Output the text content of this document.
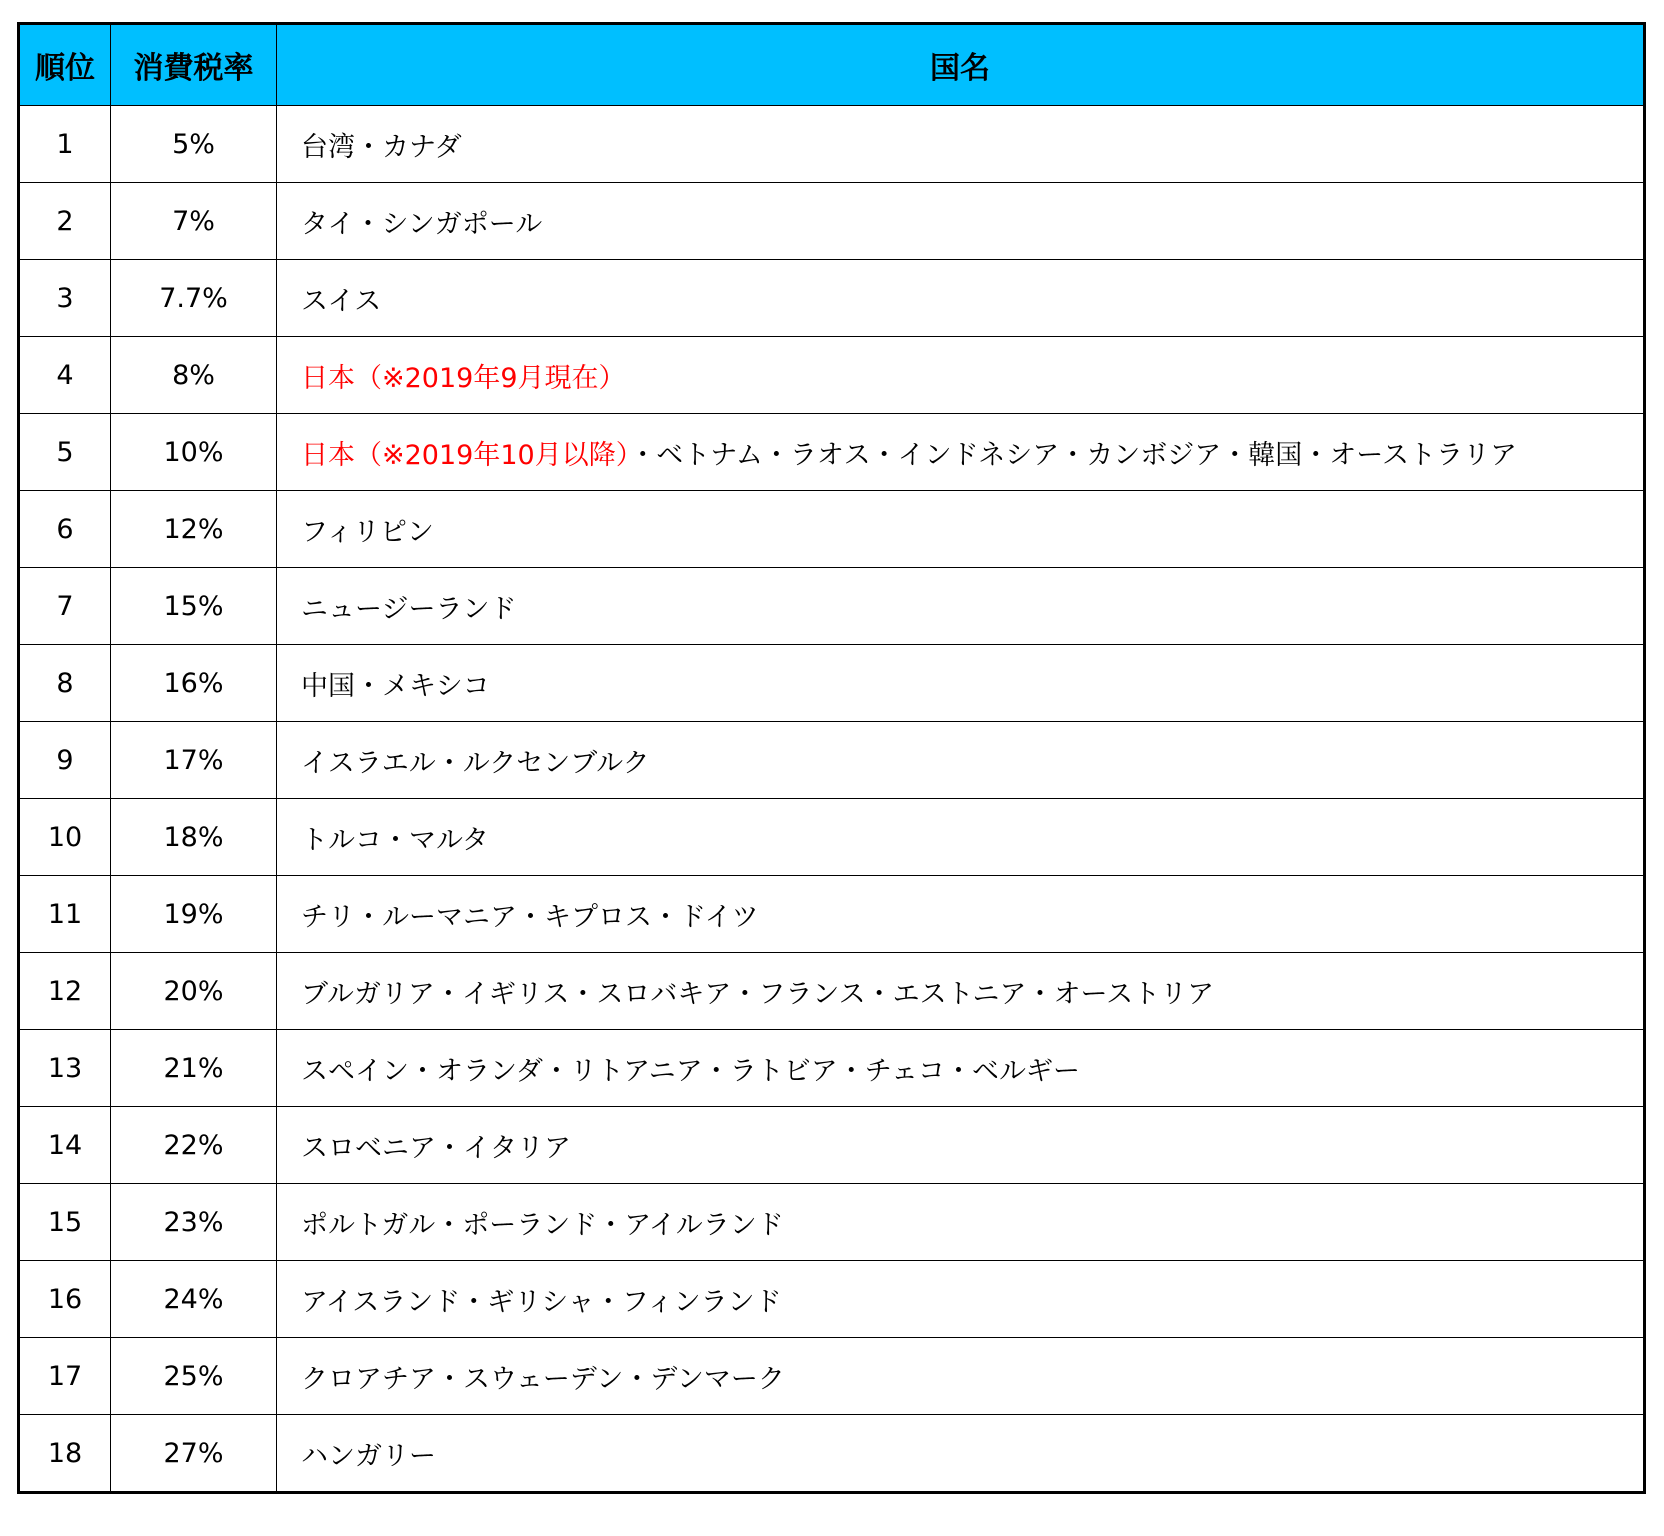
順位	消費税率	国名
1	5%	台湾・カナダ
2	7%	タイ・シンガポール
3	7.7%	スイス
4	8%	日本（※2019年9月現在）
5	10%	日本（※2019年10月以降）・ベトナム・ラオス・インドネシア・カンボジア・韓国・オーストラリア
6	12%	フィリピン
7	15%	ニュージーランド
8	16%	中国・メキシコ
9	17%	イスラエル・ルクセンブルク
10	18%	トルコ・マルタ
11	19%	チリ・ルーマニア・キプロス・ドイツ
12	20%	ブルガリア・イギリス・スロバキア・フランス・エストニア・オーストリア
13	21%	スペイン・オランダ・リトアニア・ラトビア・チェコ・ベルギー
14	22%	スロベニア・イタリア
15	23%	ポルトガル・ポーランド・アイルランド
16	24%	アイスランド・ギリシャ・フィンランド
17	25%	クロアチア・スウェーデン・デンマーク
18	27%	ハンガリー
